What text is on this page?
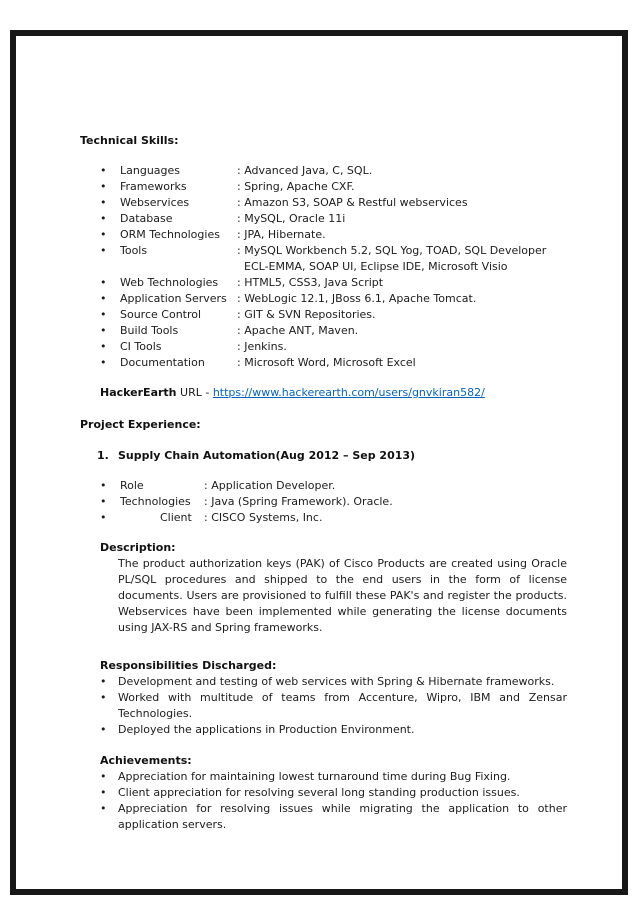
Technical Skills:
•	Languages	: Advanced Java, C, SQL.
•	Frameworks	: Spring, Apache CXF.
•	Webservices	: Amazon S3, SOAP & Restful webservices
•	Database	: MySQL, Oracle 11i
•	ORM Technologies	: JPA, Hibernate.
•	Tools	: MySQL Workbench 5.2, SQL Yog, TOAD, SQL Developer
ECL-EMMA, SOAP UI, Eclipse IDE, Microsoft Visio
•	Web Technologies	: HTML5, CSS3, Java Script
•	Application Servers : WebLogic 12.1, JBoss 6.1, Apache Tomcat.
•	Source Control	: GIT & SVN Repositories.
•	Build Tools	: Apache ANT, Maven.
•	CI Tools	: Jenkins.
•	Documentation	: Microsoft Word, Microsoft Excel
HackerEarth URL - https://www.hackerearth.com/users/gnvkiran582/
Project Experience:
1. Supply Chain Automation(Aug 2012 – Sep 2013)
•	Role	: Application Developer.
•	Technologies	: Java (Spring Framework). Oracle.
•	Client	: CISCO Systems, Inc.
Description:
The product authorization keys (PAK) of Cisco Products are created using Oracle PL/SQL procedures and shipped to the end users in the form of license documents. Users are provisioned to fulfill these PAK's and register the products. Webservices have been implemented while generating the license documents using JAX-RS and Spring frameworks.
Responsibilities Discharged:
•	Development and testing of web services with Spring & Hibernate frameworks.
•	Worked with multitude of teams from Accenture, Wipro, IBM and Zensar Technologies.
•	Deployed the applications in Production Environment.
Achievements:
•	Appreciation for maintaining lowest turnaround time during Bug Fixing.
•	Client appreciation for resolving several long standing production issues.
•	Appreciation for resolving issues while migrating the application to other application servers.
